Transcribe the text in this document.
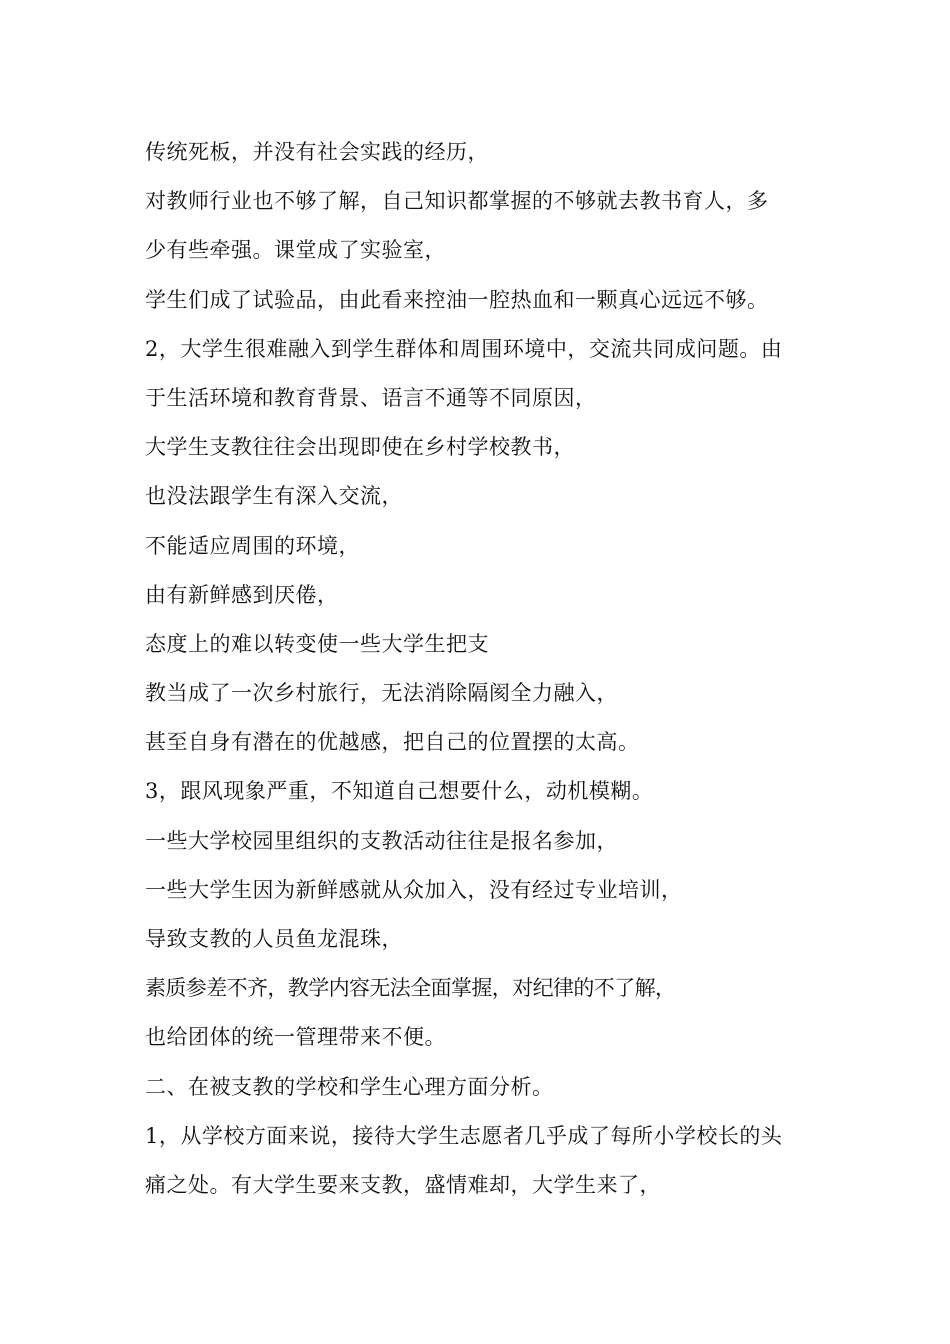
传统死板，并没有社会实践的经历，
对教师行业也不够了解，自己知识都掌握的不够就去教书育人，多
少有些牵强。课堂成了实验室，
学生们成了试验品，由此看来控油一腔热血和一颗真心远远不够。
2，大学生很难融入到学生群体和周围环境中，交流共同成问题。由
于生活环境和教育背景、语言不通等不同原因，
大学生支教往往会出现即使在乡村学校教书，
也没法跟学生有深入交流，
不能适应周围的环境，
由有新鲜感到厌倦，
态度上的难以转变使一些大学生把支
教当成了一次乡村旅行，无法消除隔阂全力融入，
甚至自身有潜在的优越感，把自己的位置摆的太高。
3，跟风现象严重，不知道自己想要什么，动机模糊。
一些大学校园里组织的支教活动往往是报名参加，
一些大学生因为新鲜感就从众加入，没有经过专业培训，
导致支教的人员鱼龙混珠，
素质参差不齐，教学内容无法全面掌握，对纪律的不了解，
也给团体的统一管理带来不便。
二、在被支教的学校和学生心理方面分析。
1，从学校方面来说，接待大学生志愿者几乎成了每所小学校长的头
痛之处。有大学生要来支教，盛情难却，大学生来了，
